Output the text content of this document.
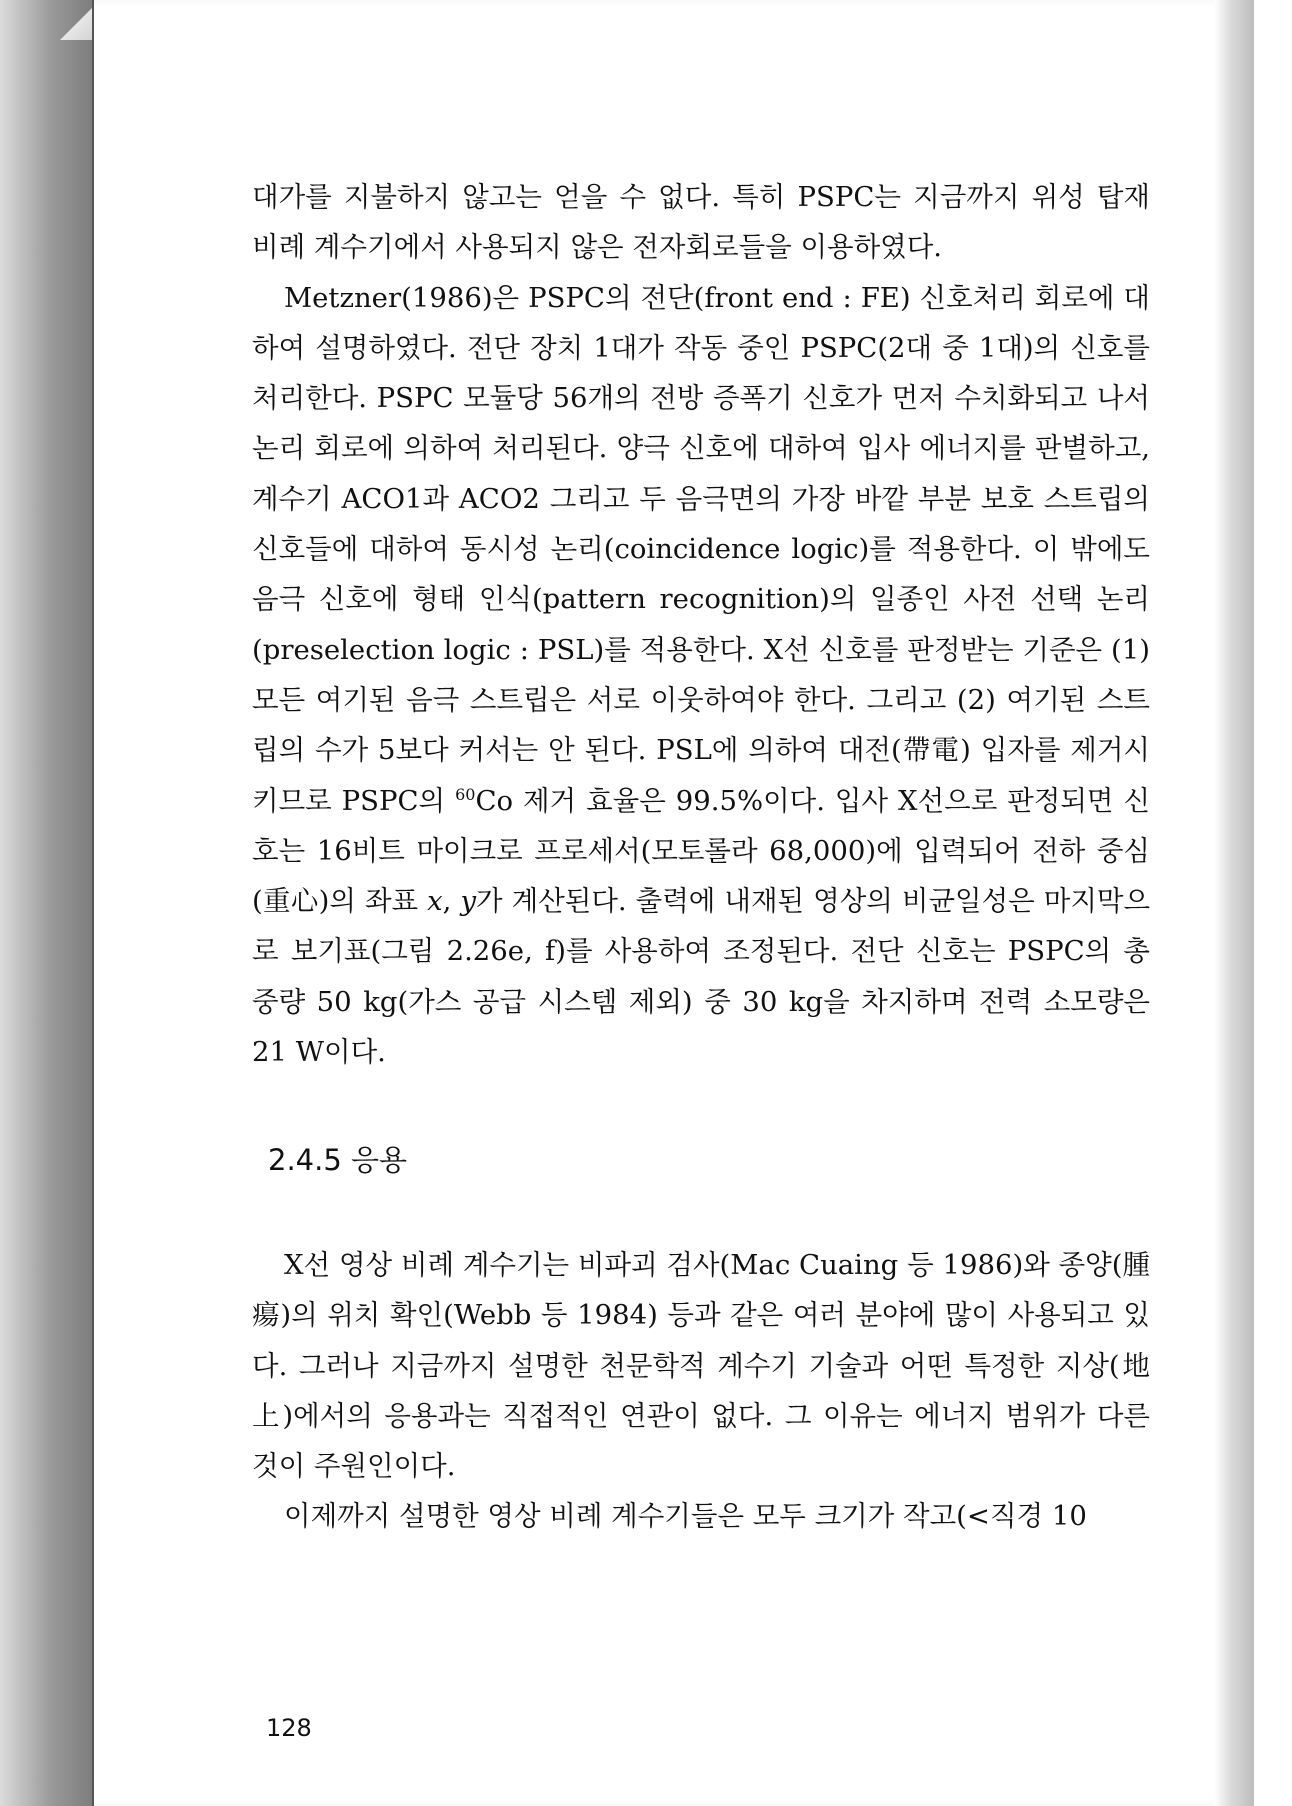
대가를 지불하지 않고는 얻을 수 없다. 특히 PSPC는 지금까지 위성 탑재 비례 계수기에서 사용되지 않은 전자회로들을 이용하였다.

Metzner(1986)은 PSPC의 전단(front end : FE) 신호처리 회로에 대하여 설명하였다. 전단 장치 1대가 작동 중인 PSPC(2대 중 1대)의 신호를 처리한다. PSPC 모듈당 56개의 전방 증폭기 신호가 먼저 수치화되고 나서 논리 회로에 의하여 처리된다. 양극 신호에 대하여 입사 에너지를 판별하고, 계수기 ACO1과 ACO2 그리고 두 음극면의 가장 바깥 부분 보호 스트립의 신호들에 대하여 동시성 논리(coincidence logic)를 적용한다. 이 밖에도 음극 신호에 형태 인식(pattern recognition)의 일종인 사전 선택 논리(preselection logic : PSL)를 적용한다. X선 신호를 판정받는 기준은 (1) 모든 여기된 음극 스트립은 서로 이웃하여야 한다. 그리고 (2) 여기된 스트립의 수가 5보다 커서는 안 된다. PSL에 의하여 대전(帶電) 입자를 제거시키므로 PSPC의 $^{60}$Co 제거 효율은 99.5%이다. 입사 X선으로 판정되면 신호는 16비트 마이크로 프로세서(모토롤라 68,000)에 입력되어 전하 중심(重心)의 좌표 x, y가 계산된다. 출력에 내재된 영상의 비균일성은 마지막으로 보기표(그림 2.26e, f)를 사용하여 조정된다. 전단 신호는 PSPC의 총 중량 50 kg(가스 공급 시스템 제외) 중 30 kg을 차지하며 전력 소모량은 21 W이다.

2.4.5 응용

X선 영상 비례 계수기는 비파괴 검사(Mac Cuaing 등 1986)와 종양(腫瘍)의 위치 확인(Webb 등 1984) 등과 같은 여러 분야에 많이 사용되고 있다. 그러나 지금까지 설명한 천문학적 계수기 기술과 어떤 특정한 지상(地上)에서의 응용과는 직접적인 연관이 없다. 그 이유는 에너지 범위가 다른 것이 주원인이다.

이제까지 설명한 영상 비례 계수기들은 모두 크기가 작고(<직경 10

128
